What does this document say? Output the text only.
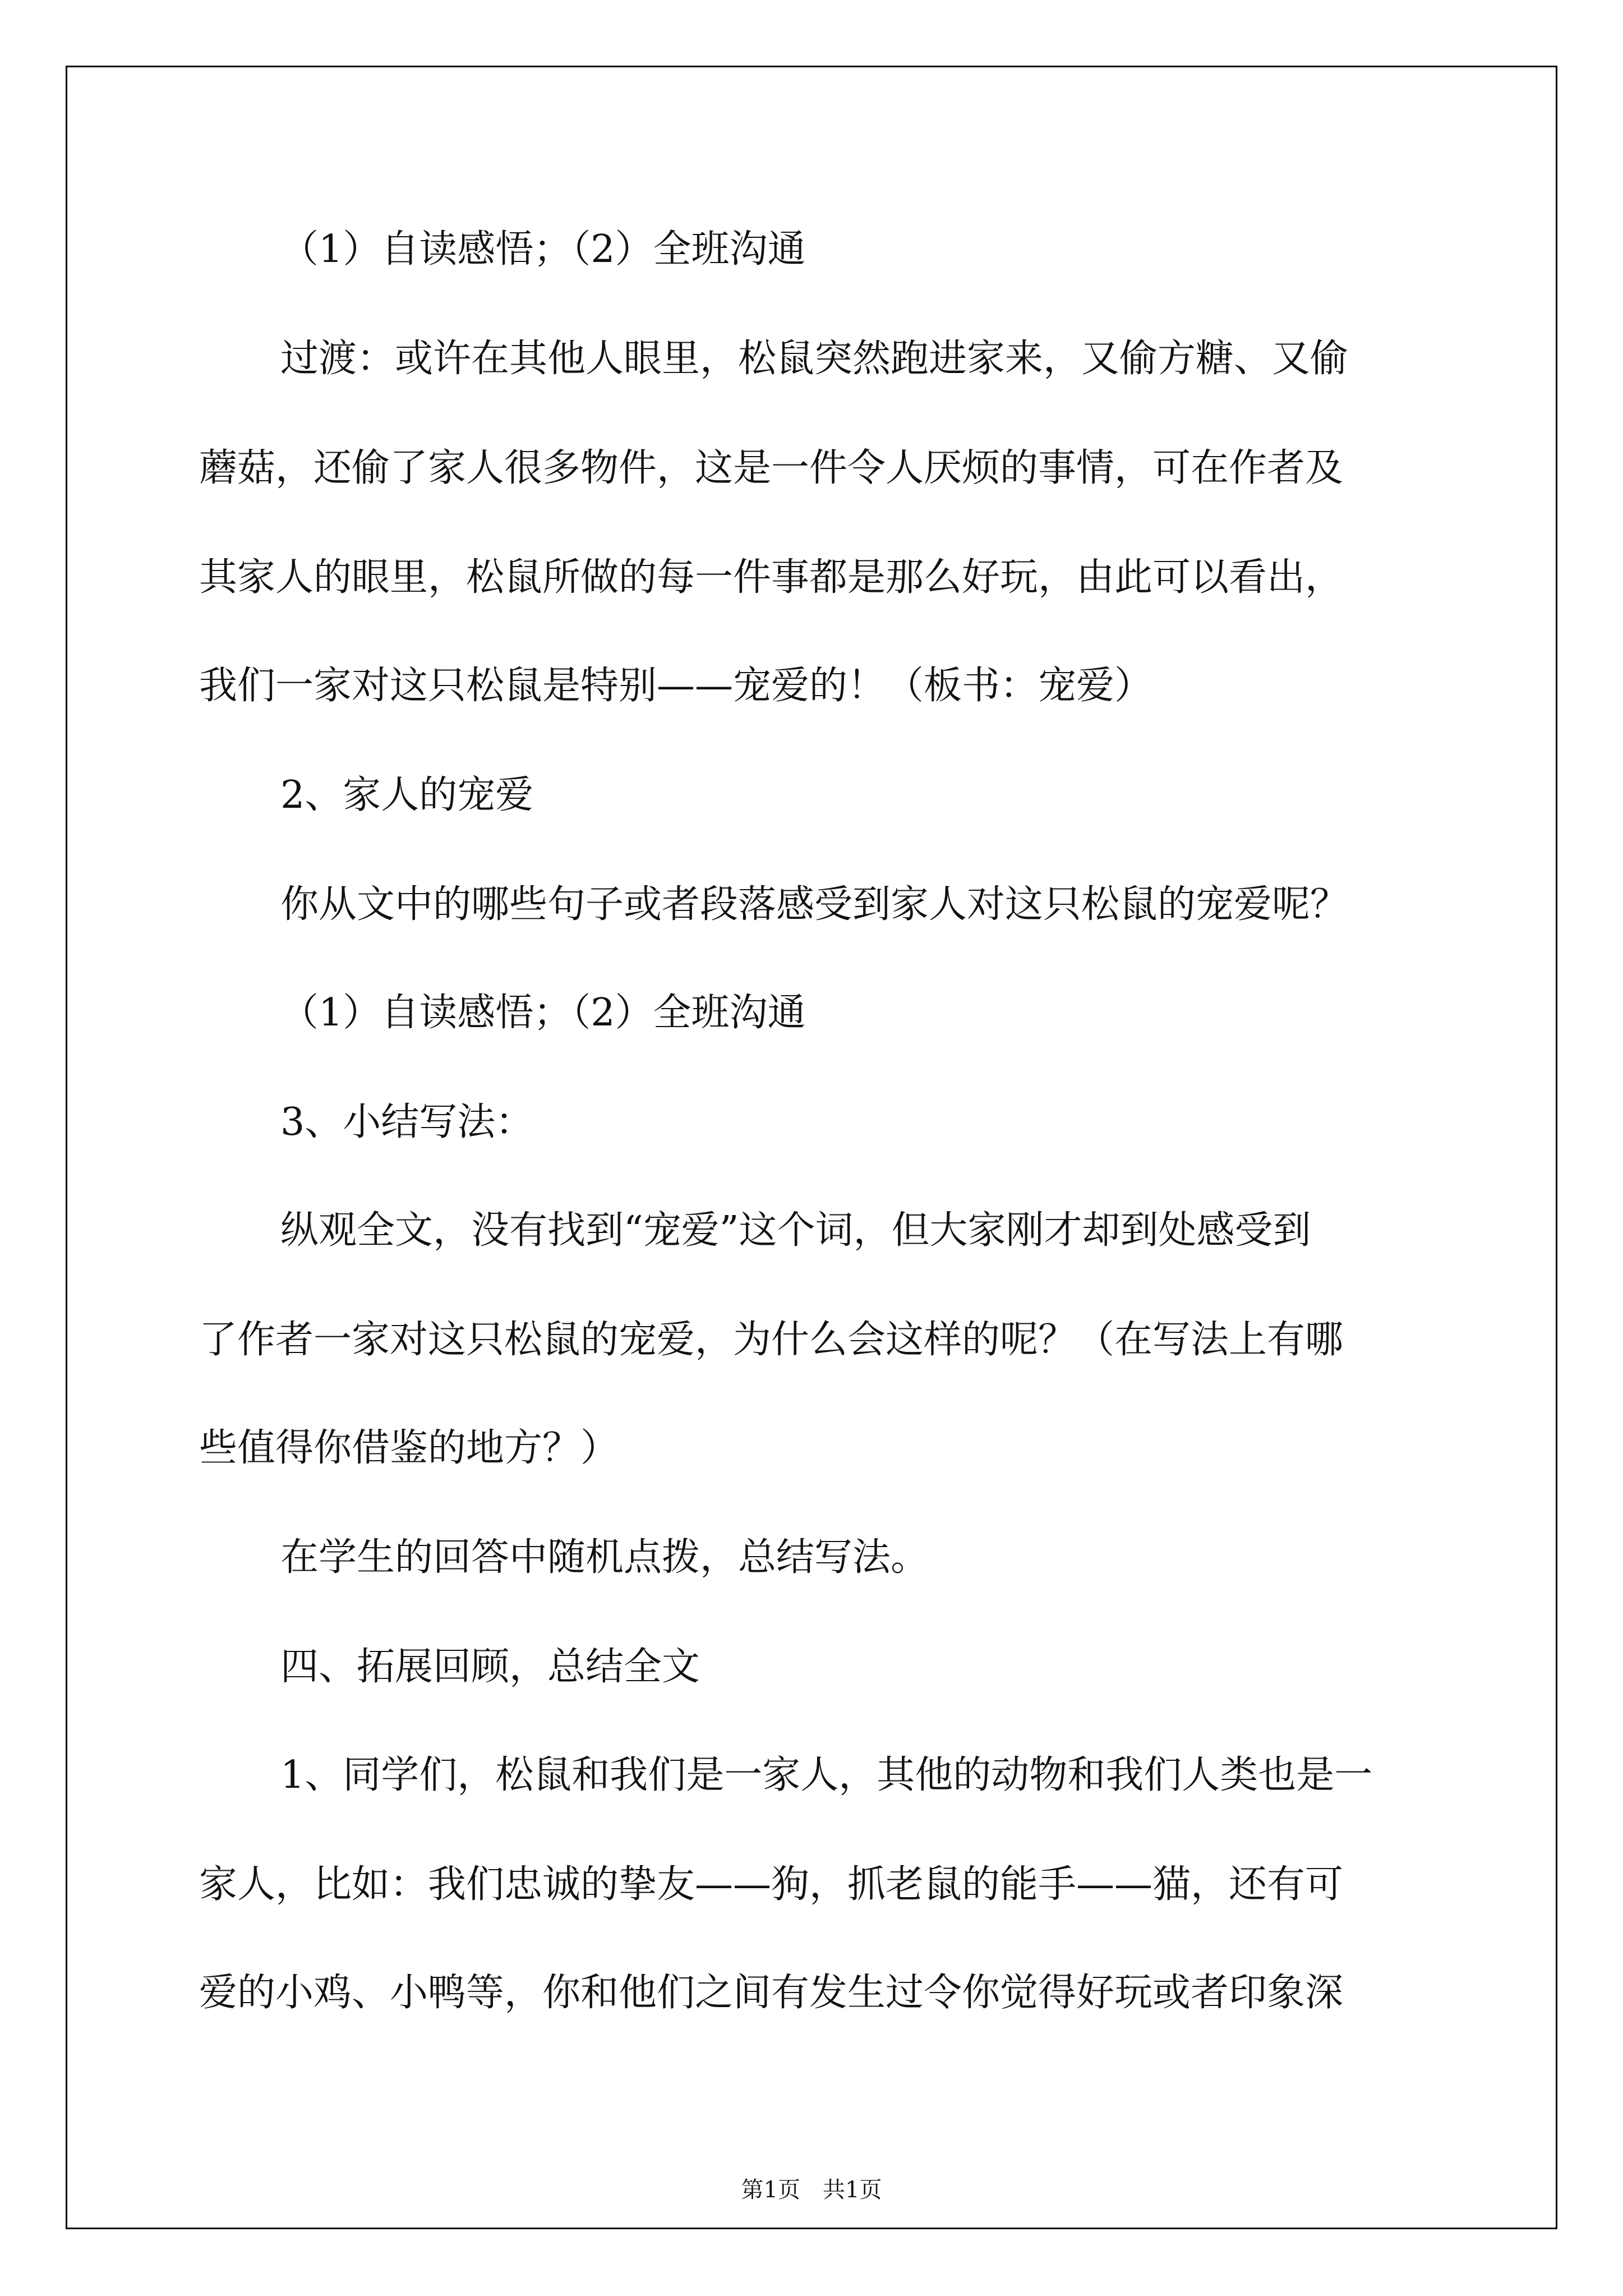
（1）自读感悟；（2）全班沟通
过渡：或许在其他人眼里，松鼠突然跑进家来，又偷方糖、又偷
蘑菇，还偷了家人很多物件，这是一件令人厌烦的事情，可在作者及
其家人的眼里，松鼠所做的每一件事都是那么好玩，由此可以看出，
我们一家对这只松鼠是特别——宠爱的！（板书：宠爱）
2、家人的宠爱
你从文中的哪些句子或者段落感受到家人对这只松鼠的宠爱呢？
（1）自读感悟；（2）全班沟通
3、小结写法：
纵观全文，没有找到“宠爱”这个词，但大家刚才却到处感受到
了作者一家对这只松鼠的宠爱，为什么会这样的呢？（在写法上有哪
些值得你借鉴的地方？）
在学生的回答中随机点拨，总结写法。
四、拓展回顾，总结全文
1、同学们，松鼠和我们是一家人，其他的动物和我们人类也是一
家人，比如：我们忠诚的挚友——狗，抓老鼠的能手——猫，还有可
爱的小鸡、小鸭等，你和他们之间有发生过令你觉得好玩或者印象深
第1页　共1页
